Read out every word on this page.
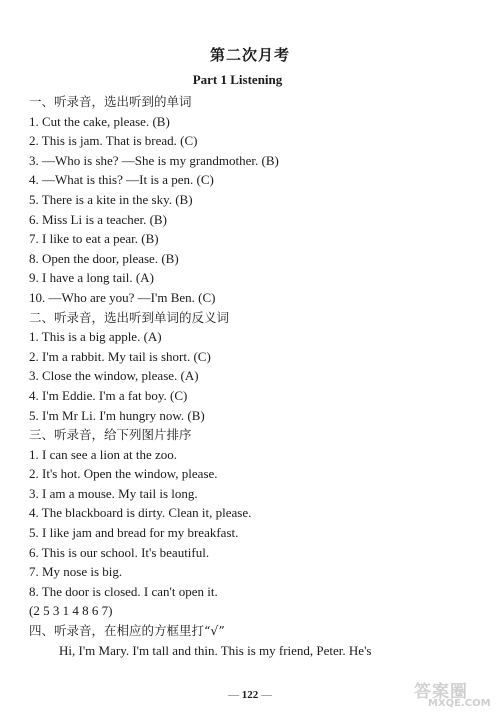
第二次月考
Part 1 Listening
一、听录音，选出听到的单词
1. Cut the cake, please. (B)
2. This is jam. That is bread. (C)
3. —Who is she? —She is my grandmother. (B)
4. —What is this? —It is a pen. (C)
5. There is a kite in the sky. (B)
6. Miss Li is a teacher. (B)
7. I like to eat a pear. (B)
8. Open the door, please. (B)
9. I have a long tail. (A)
10. —Who are you? —I'm Ben. (C)
二、听录音，选出听到单词的反义词
1. This is a big apple. (A)
2. I'm a rabbit. My tail is short. (C)
3. Close the window, please. (A)
4. I'm Eddie. I'm a fat boy. (C)
5. I'm Mr Li. I'm hungry now. (B)
三、听录音，给下列图片排序
1. I can see a lion at the zoo.
2. It's hot. Open the window, please.
3. I am a mouse. My tail is long.
4. The blackboard is dirty. Clean it, please.
5. I like jam and bread for my breakfast.
6. This is our school. It's beautiful.
7. My nose is big.
8. The door is closed. I can't open it.
(2 5 3 1 4 8 6 7)
四、听录音，在相应的方框里打“√”
Hi, I'm Mary. I'm tall and thin. This is my friend, Peter. He's
— 122 —	答案圈
MXQE.COM
